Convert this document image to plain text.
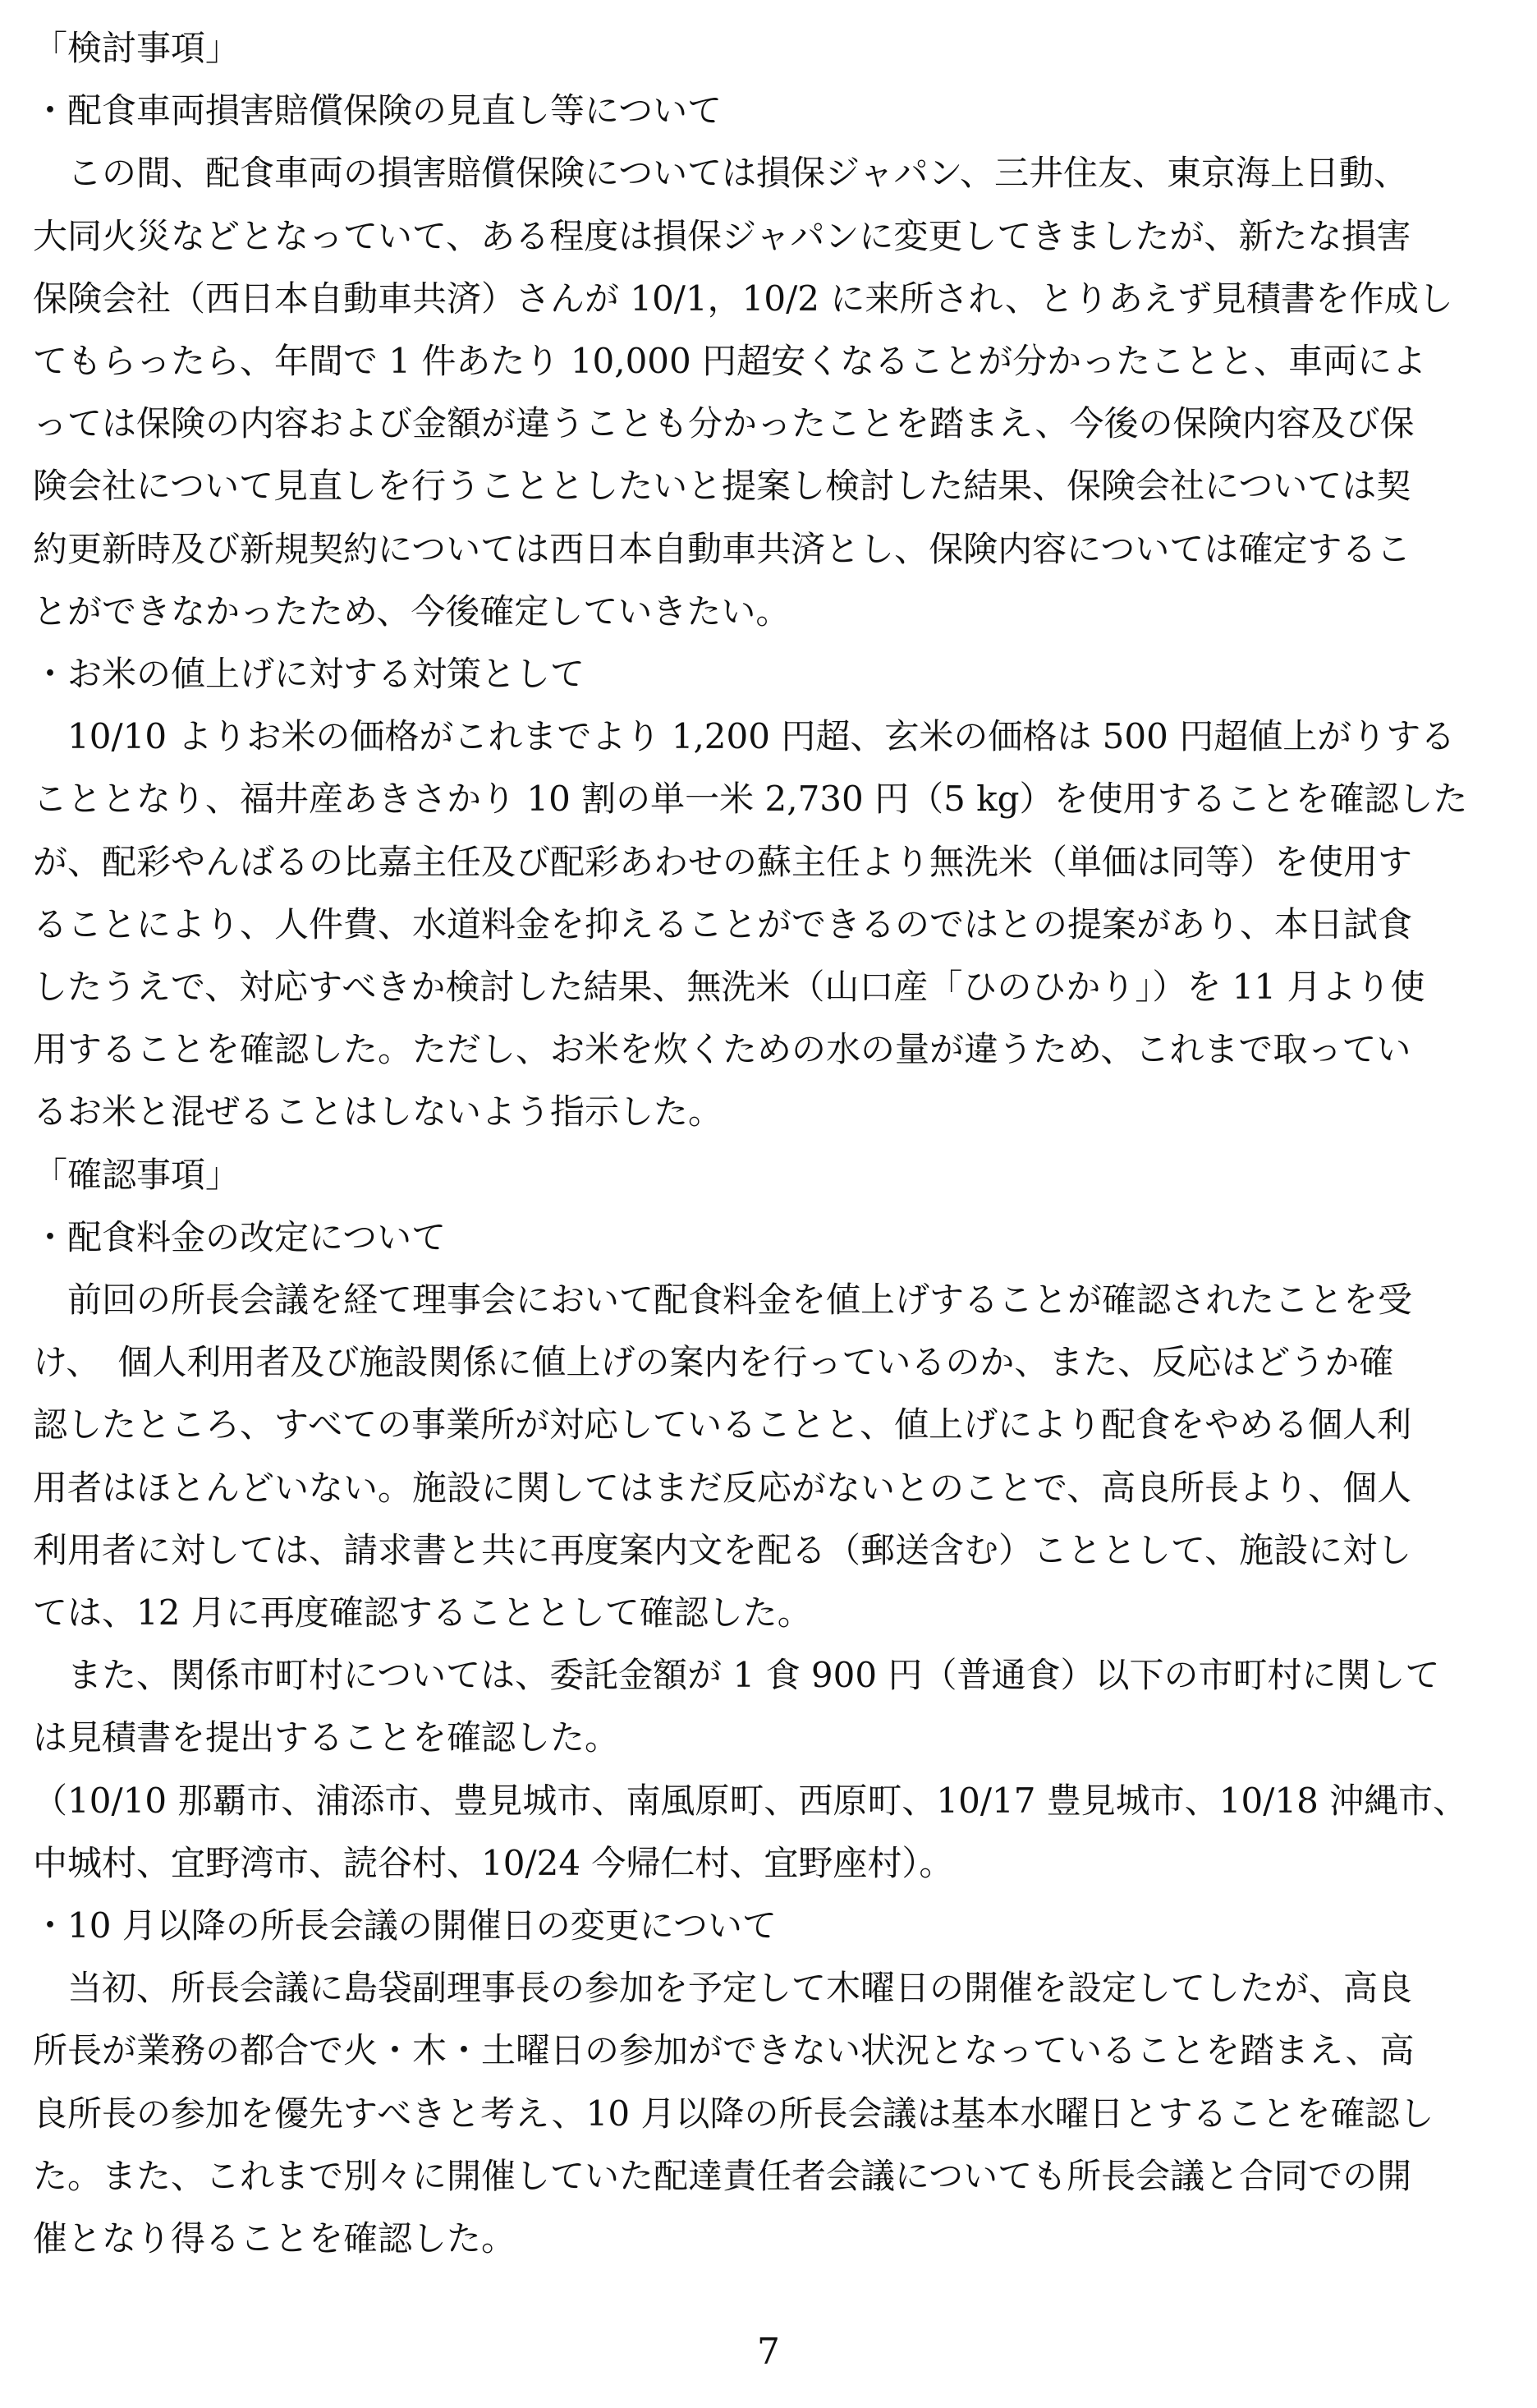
「検討事項」
・配食車両損害賠償保険の見直し等について
　この間、配食車両の損害賠償保険については損保ジャパン、三井住友、東京海上日動、
大同火災などとなっていて、ある程度は損保ジャパンに変更してきましたが、新たな損害
保険会社（西日本自動車共済）さんが 10/1，10/2 に来所され、とりあえず見積書を作成し
てもらったら、年間で 1 件あたり 10,000 円超安くなることが分かったことと、車両によ
っては保険の内容および金額が違うことも分かったことを踏まえ、今後の保険内容及び保
険会社について見直しを行うこととしたいと提案し検討した結果、保険会社については契
約更新時及び新規契約については西日本自動車共済とし、保険内容については確定するこ
とができなかったため、今後確定していきたい。
・お米の値上げに対する対策として
　10/10 よりお米の価格がこれまでより 1,200 円超、玄米の価格は 500 円超値上がりする
こととなり、福井産あきさかり 10 割の単一米 2,730 円（5 kg）を使用することを確認した
が、配彩やんばるの比嘉主任及び配彩あわせの蘇主任より無洗米（単価は同等）を使用す
ることにより、人件費、水道料金を抑えることができるのではとの提案があり、本日試食
したうえで、対応すべきか検討した結果、無洗米（山口産「ひのひかり」）を 11 月より使
用することを確認した。ただし、お米を炊くための水の量が違うため、これまで取ってい
るお米と混ぜることはしないよう指示した。
「確認事項」
・配食料金の改定について
　前回の所長会議を経て理事会において配食料金を値上げすることが確認されたことを受
け、　個人利用者及び施設関係に値上げの案内を行っているのか、また、反応はどうか確
認したところ、すべての事業所が対応していることと、値上げにより配食をやめる個人利
用者はほとんどいない。施設に関してはまだ反応がないとのことで、高良所長より、個人
利用者に対しては、請求書と共に再度案内文を配る（郵送含む）こととして、施設に対し
ては、12 月に再度確認することとして確認した。
　また、関係市町村については、委託金額が 1 食 900 円（普通食）以下の市町村に関して
は見積書を提出することを確認した。
（10/10 那覇市、浦添市、豊見城市、南風原町、西原町、10/17 豊見城市、10/18 沖縄市、
中城村、宜野湾市、読谷村、10/24 今帰仁村、宜野座村）。
・10 月以降の所長会議の開催日の変更について
　当初、所長会議に島袋副理事長の参加を予定して木曜日の開催を設定してしたが、高良
所長が業務の都合で火・木・土曜日の参加ができない状況となっていることを踏まえ、高
良所長の参加を優先すべきと考え、10 月以降の所長会議は基本水曜日とすることを確認し
た。また、これまで別々に開催していた配達責任者会議についても所長会議と合同での開
催となり得ることを確認した。
7
